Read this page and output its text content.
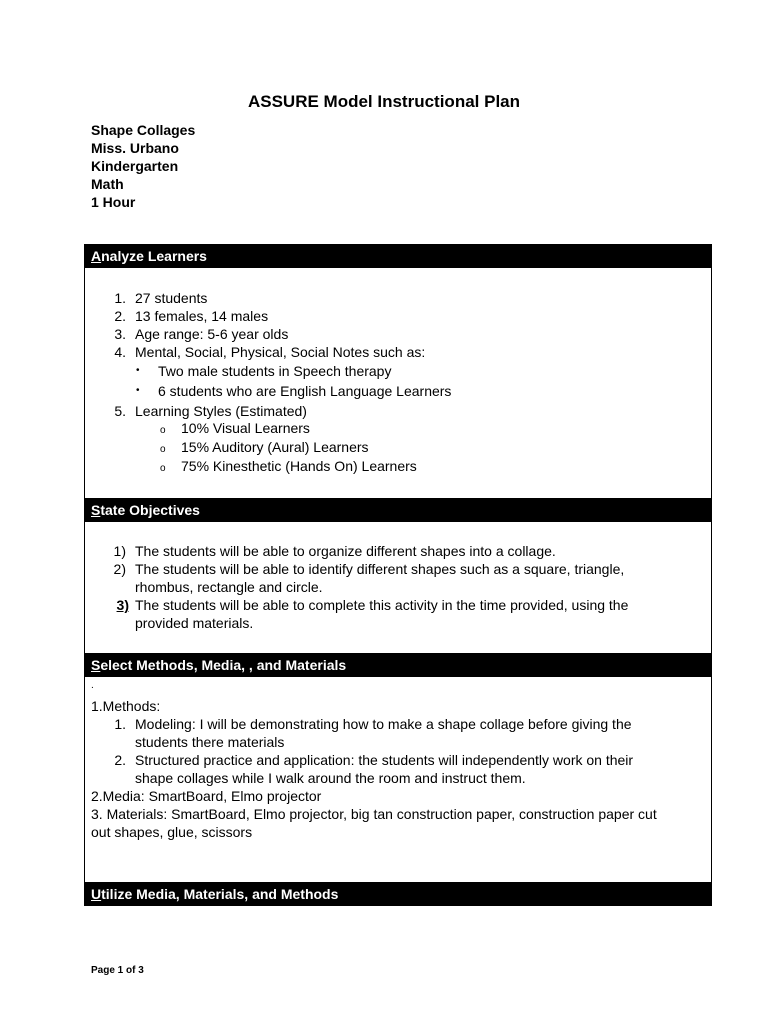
ASSURE Model Instructional Plan
Shape Collages
Miss. Urbano
Kindergarten
Math
1 Hour
Analyze Learners
1. 27 students
2. 13 females, 14 males
3. Age range: 5-6 year olds
4. Mental, Social, Physical, Social Notes such as:
• Two male students in Speech therapy
• 6 students who are English Language Learners
5. Learning Styles (Estimated)
o 10% Visual Learners
o 15% Auditory (Aural) Learners
o 75% Kinesthetic (Hands On) Learners
State Objectives
1) The students will be able to organize different shapes into a collage.
2) The students will be able to identify different shapes such as a square, triangle,
rhombus, rectangle and circle.
3) The students will be able to complete this activity in the time provided, using the
provided materials.
Select Methods, Media, , and Materials
.
1.Methods:
1. Modeling: I will be demonstrating how to make a shape collage before giving the
students there materials
2. Structured practice and application: the students will independently work on their
shape collages while I walk around the room and instruct them.
2.Media: SmartBoard, Elmo projector
3. Materials: SmartBoard, Elmo projector, big tan construction paper, construction paper cut
out shapes, glue, scissors
Utilize Media, Materials, and Methods
Page 1 of 3
